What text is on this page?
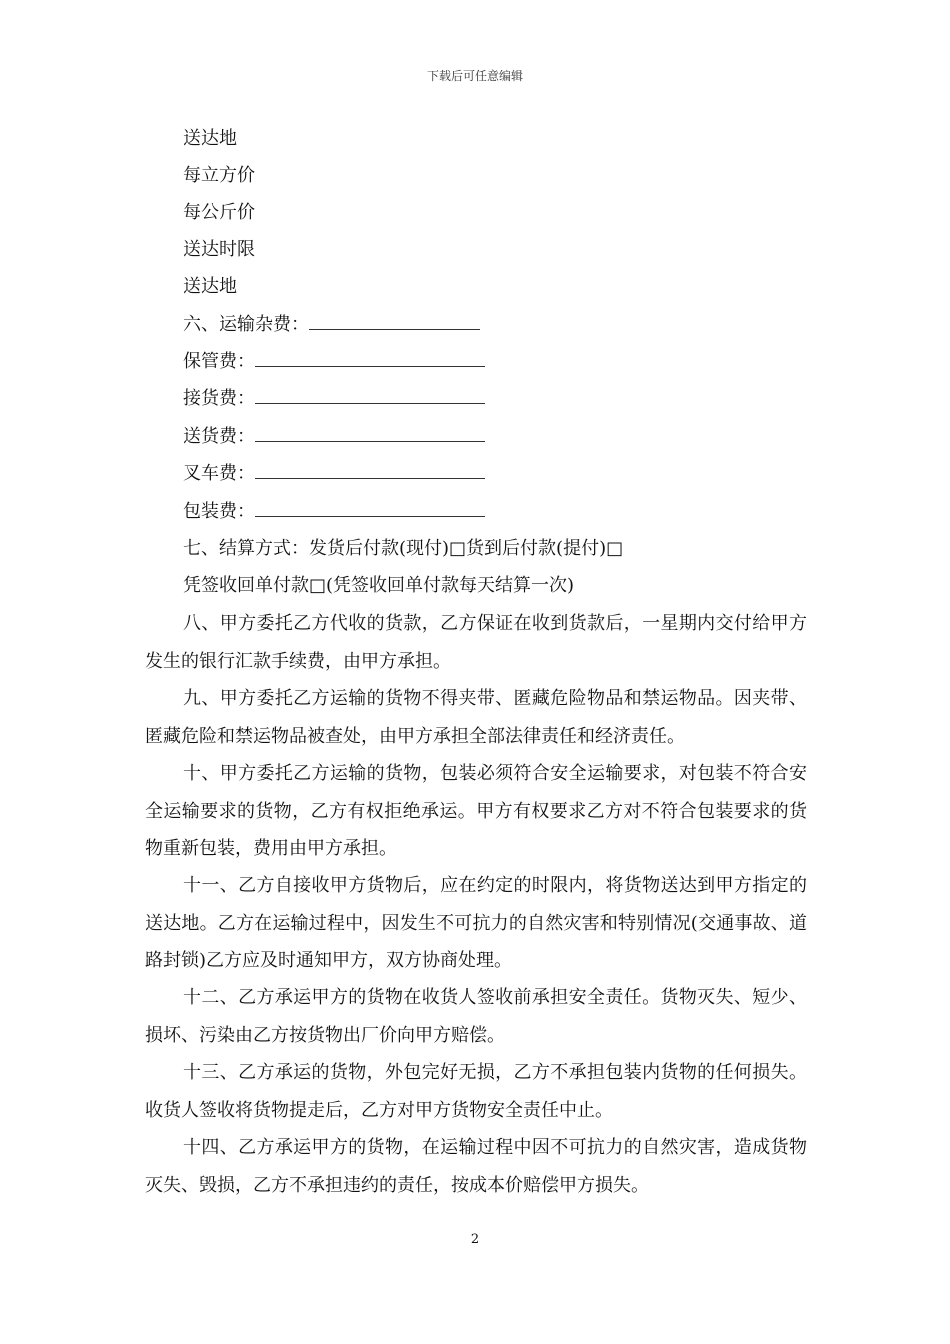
下载后可任意编辑
送达地
每立方价
每公斤价
送达时限
送达地
六、运输杂费：
保管费：
接货费：
送货费：
叉车费：
包装费：
七、结算方式：发货后付款(现付)□货到后付款(提付)□
凭签收回单付款□(凭签收回单付款每天结算一次)
八、甲方委托乙方代收的货款，乙方保证在收到货款后，一星期内交付给甲方发生的银行汇款手续费，由甲方承担。
九、甲方委托乙方运输的货物不得夹带、匿藏危险物品和禁运物品。因夹带、匿藏危险和禁运物品被查处，由甲方承担全部法律责任和经济责任。
十、甲方委托乙方运输的货物，包装必须符合安全运输要求，对包装不符合安全运输要求的货物，乙方有权拒绝承运。甲方有权要求乙方对不符合包装要求的货物重新包装，费用由甲方承担。
十一、乙方自接收甲方货物后，应在约定的时限内，将货物送达到甲方指定的送达地。乙方在运输过程中，因发生不可抗力的自然灾害和特别情况(交通事故、道路封锁)乙方应及时通知甲方，双方协商处理。
十二、乙方承运甲方的货物在收货人签收前承担安全责任。货物灭失、短少、损坏、污染由乙方按货物出厂价向甲方赔偿。
十三、乙方承运的货物，外包完好无损，乙方不承担包装内货物的任何损失。收货人签收将货物提走后，乙方对甲方货物安全责任中止。
十四、乙方承运甲方的货物，在运输过程中因不可抗力的自然灾害，造成货物灭失、毁损，乙方不承担违约的责任，按成本价赔偿甲方损失。
2
